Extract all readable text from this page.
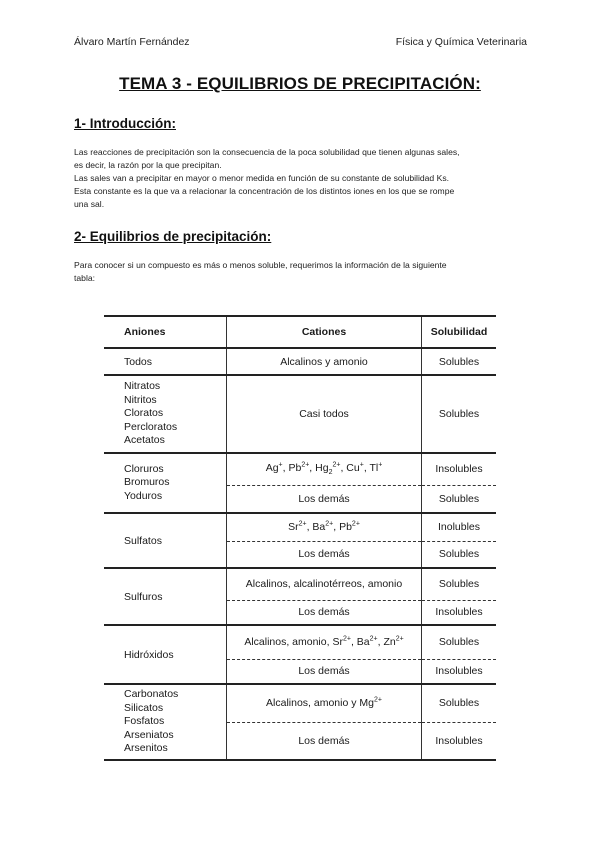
Álvaro Martín Fernández	Física y Química Veterinaria
TEMA 3 - EQUILIBRIOS DE PRECIPITACIÓN:
1- Introducción:
Las reacciones de precipitación son la consecuencia de la poca solubilidad que tienen algunas sales,
es decir, la razón por la que precipitan.
Las sales van a precipitar en mayor o menor medida en función de su constante de solubilidad Ks.
Esta constante es la que va a relacionar la concentración de los distintos iones en los que se rompe
una sal.
2- Equilibrios de precipitación:
Para conocer si un compuesto es más o menos soluble, requerimos la información de la siguiente
tabla:
Aniones	Cationes	Solubilidad
Todos	Alcalinos y amonio	Solubles

Nitratos
Nitritos
Cloratos
Percloratos
Acetatos	Casi todos	Solubles

Cloruros
Bromuros
Yoduros	Ag+, $Pb^{2+}$, $Hg_2^{2+}$, Cu+, Tl+	Insolubles
	Los demás	Solubles
Sulfatos	$Sr^{2+}$, $Ba^{2+}$, $Pb^{2+}$	Inolubles
	Los demás	Solubles
Sulfuros	Alcalinos, alcalinotérreos, amonio	Solubles
	Los demás	Insolubles
Hidróxidos	Alcalinos, amonio, $Sr^{2+}$, $Ba^{2+}$, $Zn^{2+}$	Solubles
	Los demás	Insolubles

Carbonatos
Silicatos
Fosfatos
Arseniatos
Arsenitos	Alcalinos, amonio y $Mg^{2+}$	Solubles
	Los demás	Insolubles
